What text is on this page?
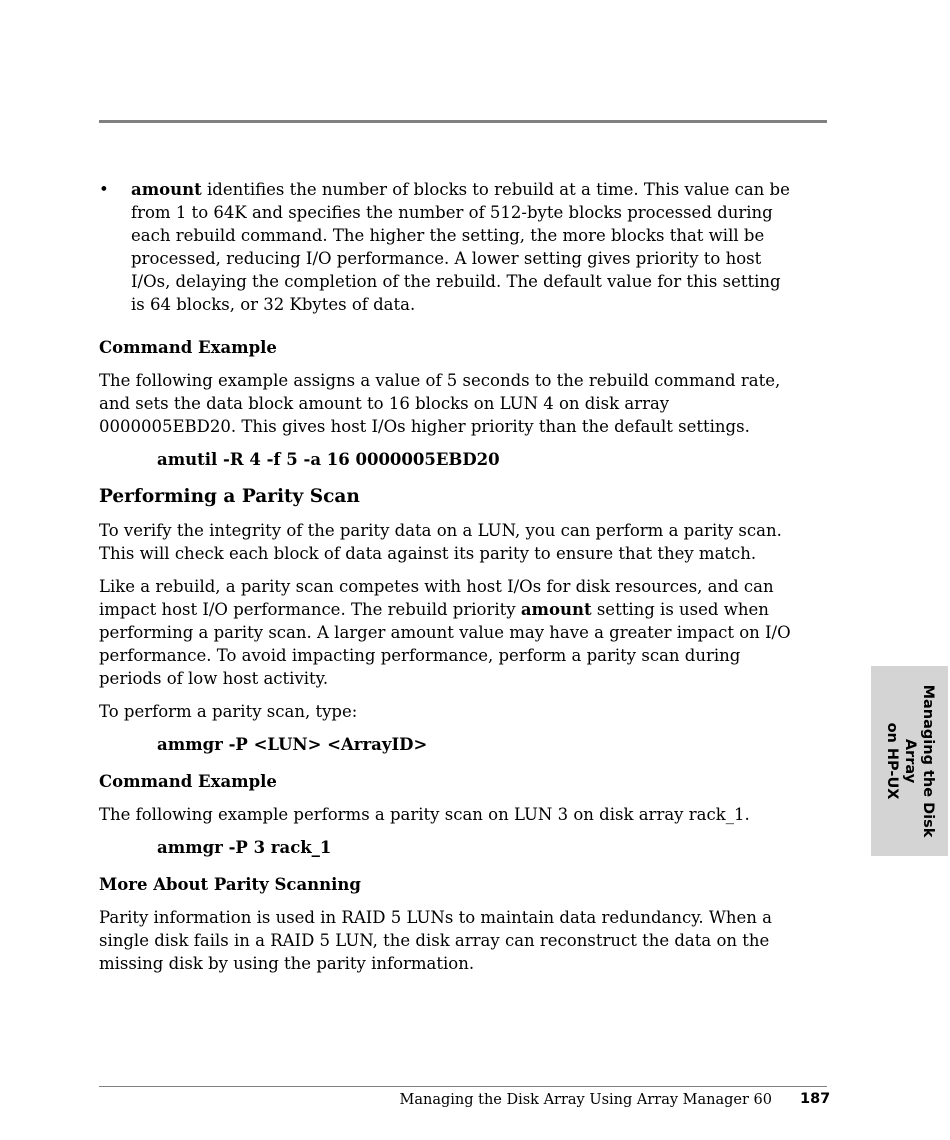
•	amount identifies the number of blocks to rebuild at a time. This value can be from 1 to 64K and specifies the number of 512-byte blocks processed during each rebuild command. The higher the setting, the more blocks that will be processed, reducing I/O performance. A lower setting gives priority to host I/Os, delaying the completion of the rebuild. The default value for this setting is 64 blocks, or 32 Kbytes of data.
Command Example

The following example assigns a value of 5 seconds to the rebuild command rate, and sets the data block amount to 16 blocks on LUN 4 on disk array 0000005EBD20. This gives host I/Os higher priority than the default settings.

amutil -R 4 -f 5 -a 16 0000005EBD20
Performing a Parity Scan

To verify the integrity of the parity data on a LUN, you can perform a parity scan. This will check each block of data against its parity to ensure that they match.

Like a rebuild, a parity scan competes with host I/Os for disk resources, and can impact host I/O performance. The rebuild priority amount setting is used when performing a parity scan. A larger amount value may have a greater impact on I/O performance. To avoid impacting performance, perform a parity scan during periods of low host activity.

To perform a parity scan, type:

ammgr -P <LUN> <ArrayID>
Command Example

The following example performs a parity scan on LUN 3 on disk array rack_1.

ammgr -P 3 rack_1
More About Parity Scanning

Parity information is used in RAID 5 LUNs to maintain data redundancy. When a single disk fails in a RAID 5 LUN, the disk array can reconstruct the data on the missing disk by using the parity information.

Managing the Disk Array
on HP-UX
Managing the Disk Array Using Array Manager 60 187
